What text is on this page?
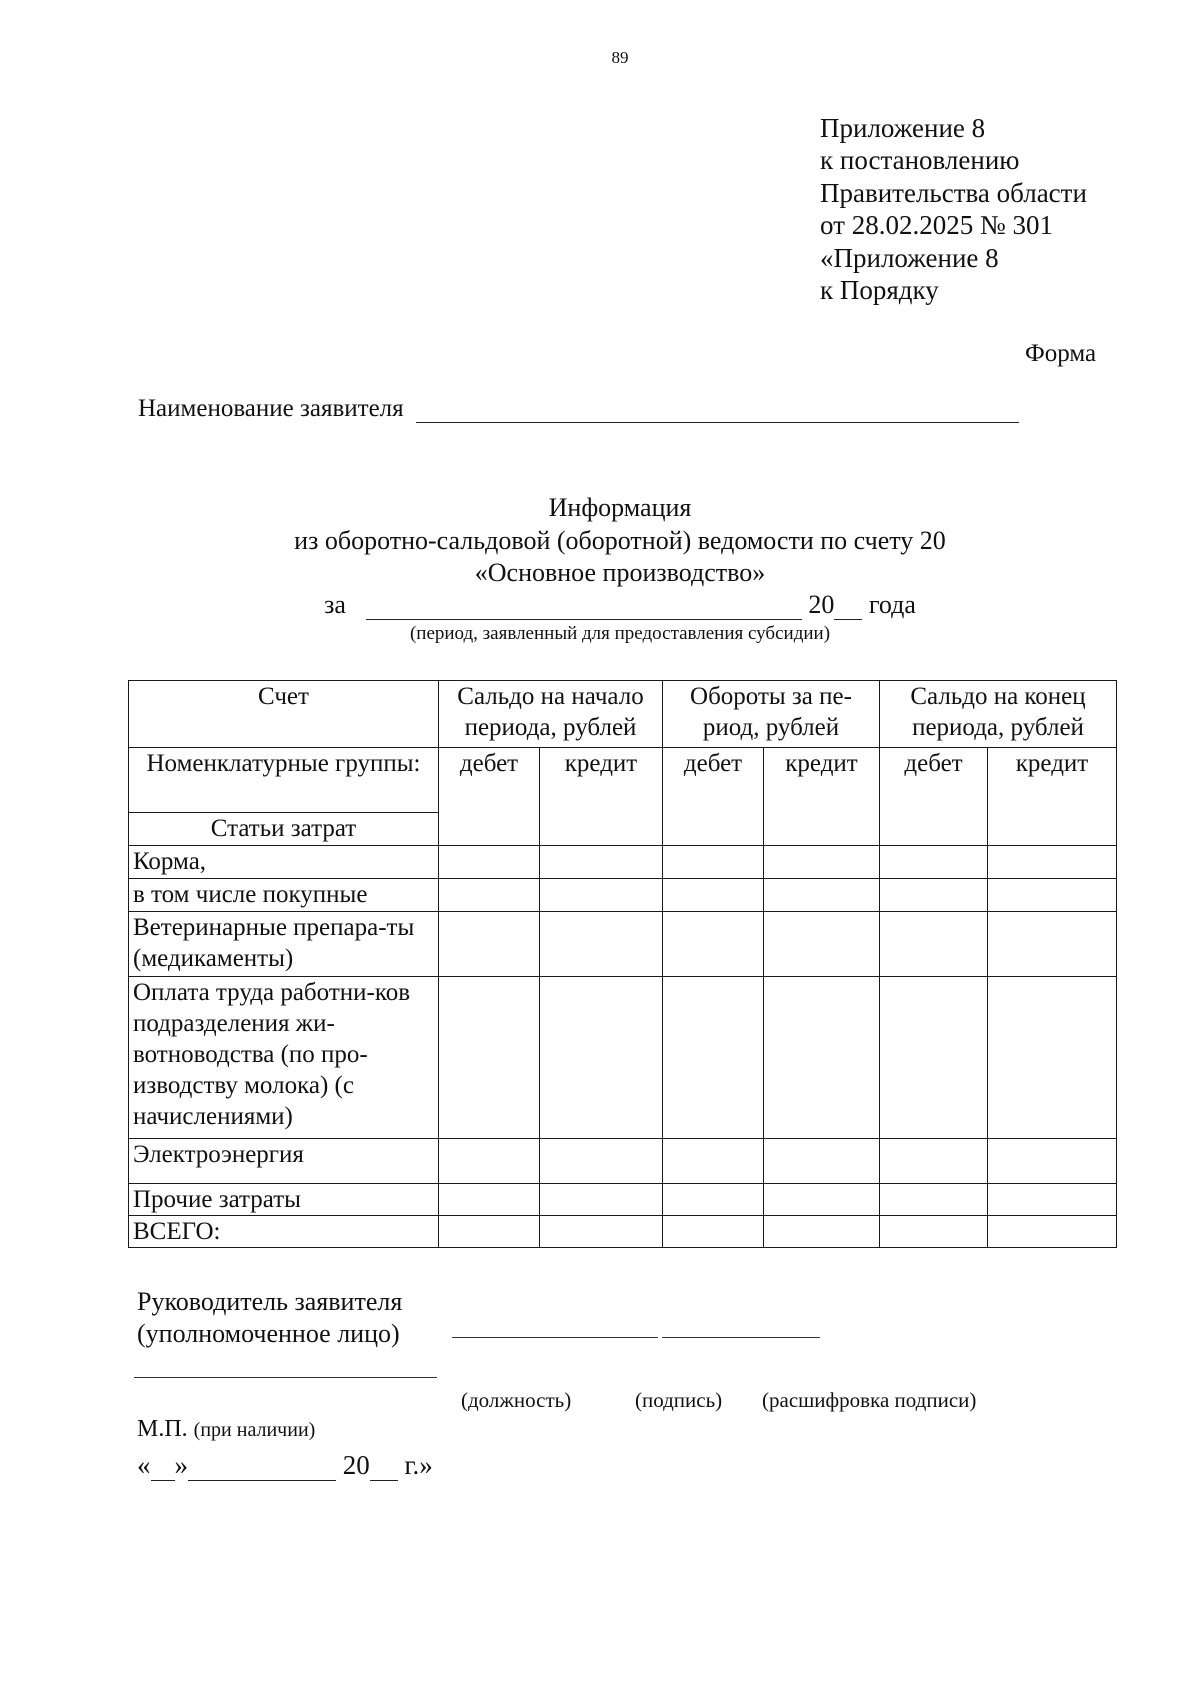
89
Приложение 8
к постановлению
Правительства области
от 28.02.2025 № 301
«Приложение 8
к Порядку
Форма
Наименование заявителя
Информация
из оборотно-сальдовой (оборотной) ведомости по счету 20
«Основное производство»
за	20 года
(период, заявленный для предоставления субсидии)
Счет	Сальдо на начало периода, рублей		Обороты за пе-риод, рублей		Сальдо на конец периода, рублей	
Номенклатурные группы:	дебет	кредит	дебет	кредит	дебет	кредит
Статьи затрат						
Корма,						
в том числе покупные						
Ветеринарные препара-ты (медикаменты)						
Оплата труда работни-ков подразделения жи-вотноводства (по про-изводству молока) (с начислениями)						
Электроэнергия						
Прочие затраты						
ВСЕГО:						
Руководитель заявителя
(уполномоченное лицо)
(должность)	(подпись) (расшифровка подписи)
М.П. (при наличии)
« »	20 г.»
